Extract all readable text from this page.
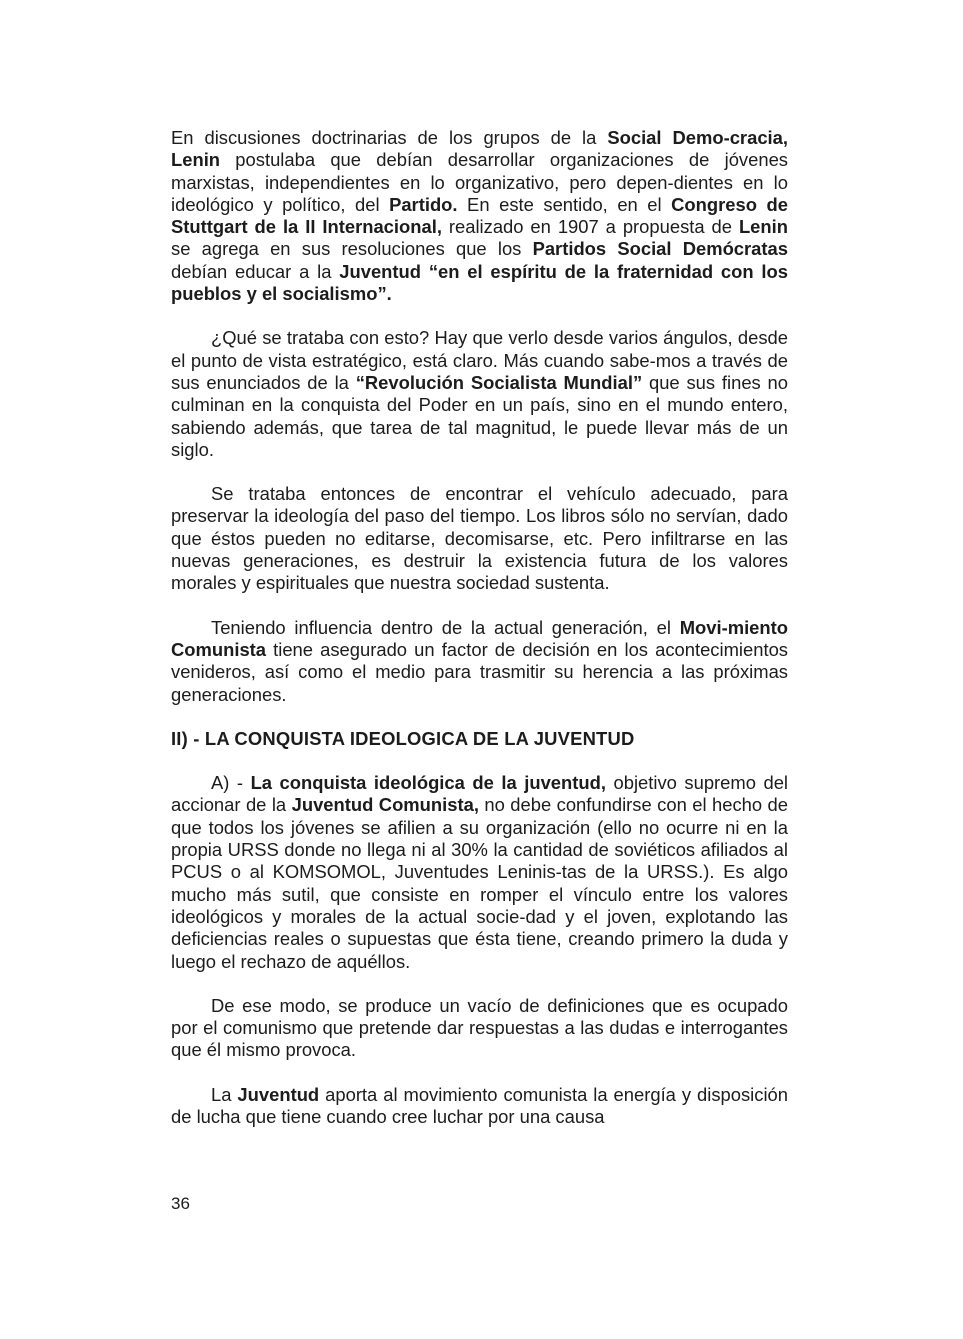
En discusiones doctrinarias de los grupos de la Social Demo-cracia, Lenin postulaba que debían desarrollar organizaciones de jóvenes marxistas, independientes en lo organizativo, pero depen-dientes en lo ideológico y político, del Partido. En este sentido, en el Congreso de Stuttgart de la II Internacional, realizado en 1907 a propuesta de Lenin se agrega en sus resoluciones que los Partidos Social Demócratas debían educar a la Juventud “en el espíritu de la fraternidad con los pueblos y el socialismo”.

¿Qué se trataba con esto? Hay que verlo desde varios ángulos, desde el punto de vista estratégico, está claro. Más cuando sabe-mos a través de sus enunciados de la “Revolución Socialista Mundial” que sus fines no culminan en la conquista del Poder en un país, sino en el mundo entero, sabiendo además, que tarea de tal magnitud, le puede llevar más de un siglo.

Se trataba entonces de encontrar el vehículo adecuado, para preservar la ideología del paso del tiempo. Los libros sólo no servían, dado que éstos pueden no editarse, decomisarse, etc. Pero infiltrarse en las nuevas generaciones, es destruir la existencia futura de los valores morales y espirituales que nuestra sociedad sustenta.

Teniendo influencia dentro de la actual generación, el Movi-miento Comunista tiene asegurado un factor de decisión en los acontecimientos venideros, así como el medio para trasmitir su herencia a las próximas generaciones.

II) - LA CONQUISTA IDEOLOGICA DE LA JUVENTUD

A) - La conquista ideológica de la juventud, objetivo supremo del accionar de la Juventud Comunista, no debe confundirse con el hecho de que todos los jóvenes se afilien a su organización (ello no ocurre ni en la propia URSS donde no llega ni al 30% la cantidad de soviéticos afiliados al PCUS o al KOMSOMOL, Juventudes Leninis-tas de la URSS.). Es algo mucho más sutil, que consiste en romper el vínculo entre los valores ideológicos y morales de la actual socie-dad y el joven, explotando las deficiencias reales o supuestas que ésta tiene, creando primero la duda y luego el rechazo de aquéllos.

De ese modo, se produce un vacío de definiciones que es ocupado por el comunismo que pretende dar respuestas a las dudas e interrogantes que él mismo provoca.

La Juventud aporta al movimiento comunista la energía y disposición de lucha que tiene cuando cree luchar por una causa

36
